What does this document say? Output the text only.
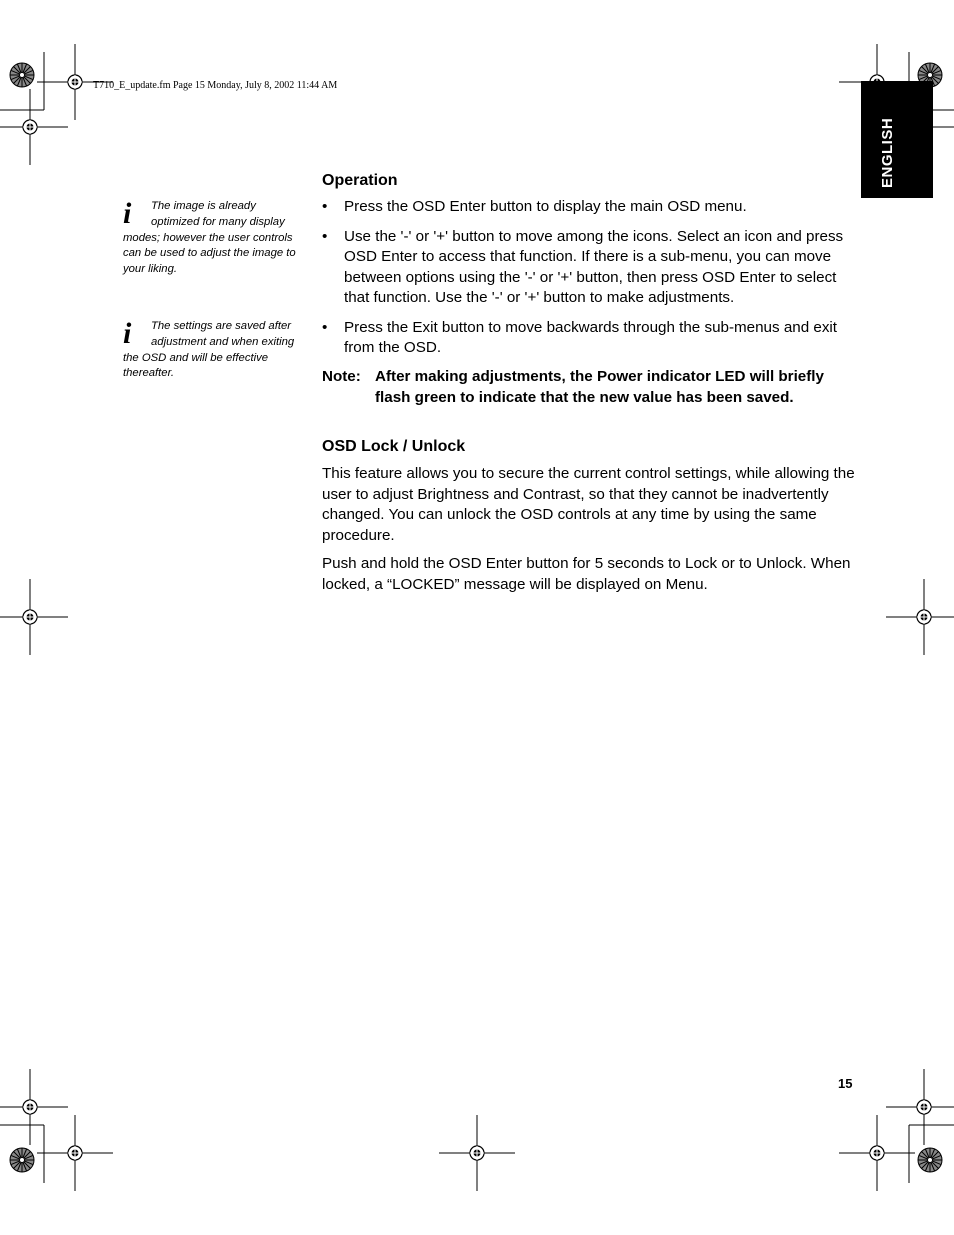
T710_E_update.fm Page 15 Monday, July 8, 2002 11:44 AM
ENGLISH
i	The image is already optimized for many display modes; however the user controls can be used to adjust the image to your liking.
i	The settings are saved after adjustment and when exiting the OSD and will be effective thereafter.
Operation
• Press the OSD Enter button to display the main OSD menu.
• Use the '-' or '+' button to move among the icons. Select an icon and press OSD Enter to access that function. If there is a sub-menu, you can move between options using the '-' or '+' button, then press OSD Enter to select that function. Use the '-' or '+' button to make adjustments.
• Press the Exit button to move backwards through the sub-menus and exit from the OSD.
Note: After making adjustments, the Power indicator LED will briefly flash green to indicate that the new value has been saved.
OSD Lock / Unlock

This feature allows you to secure the current control settings, while allowing the user to adjust Brightness and Contrast, so that they cannot be inadvertently changed. You can unlock the OSD controls at any time by using the same procedure.

Push and hold the OSD Enter button for 5 seconds to Lock or to Unlock. When locked, a “LOCKED” message will be displayed on Menu.

15
